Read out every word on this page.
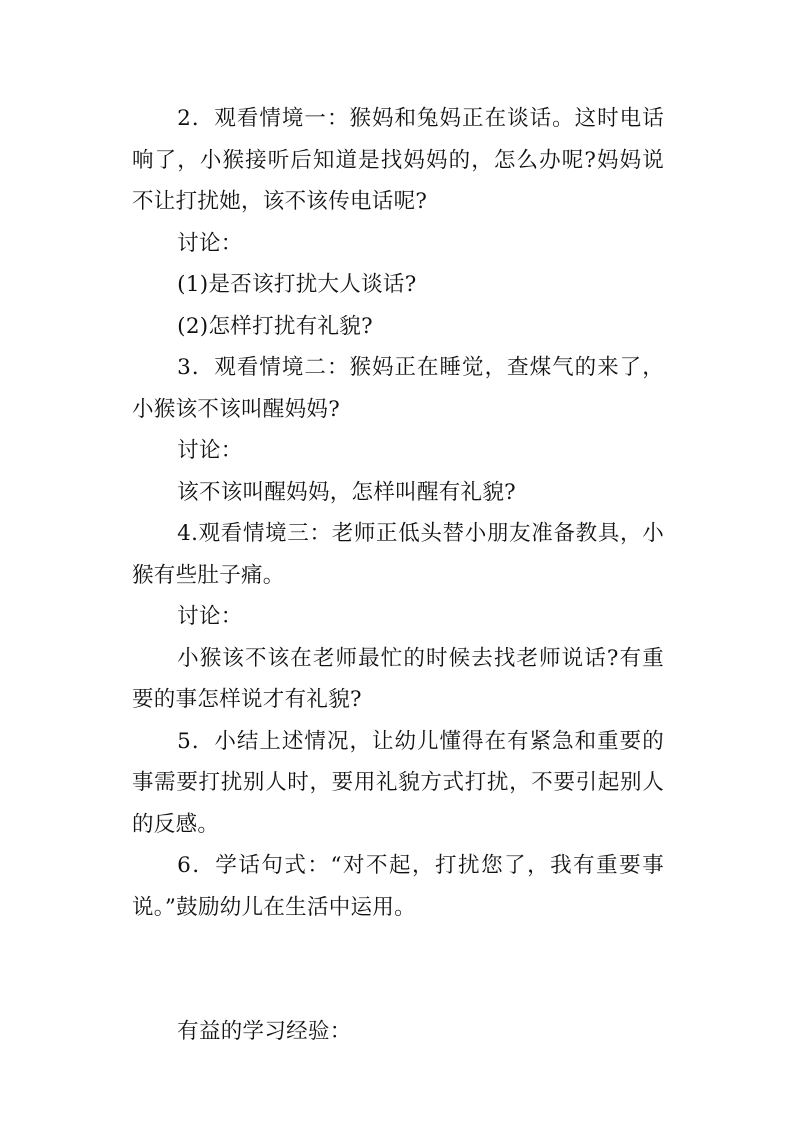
2．观看情境一：猴妈和兔妈正在谈话。这时电话响了，小猴接听后知道是找妈妈的，怎么办呢?妈妈说不让打扰她，该不该传电话呢?

讨论：

(1)是否该打扰大人谈话?

(2)怎样打扰有礼貌?

3．观看情境二：猴妈正在睡觉，查煤气的来了，小猴该不该叫醒妈妈?

讨论：

该不该叫醒妈妈，怎样叫醒有礼貌?

4.观看情境三：老师正低头替小朋友准备教具，小猴有些肚子痛。

讨论：

小猴该不该在老师最忙的时候去找老师说话?有重要的事怎样说才有礼貌?

5．小结上述情况，让幼儿懂得在有紧急和重要的事需要打扰别人时，要用礼貌方式打扰，不要引起别人的反感。

6．学话句式：“对不起，打扰您了，我有重要事说。”鼓励幼儿在生活中运用。

有益的学习经验：
